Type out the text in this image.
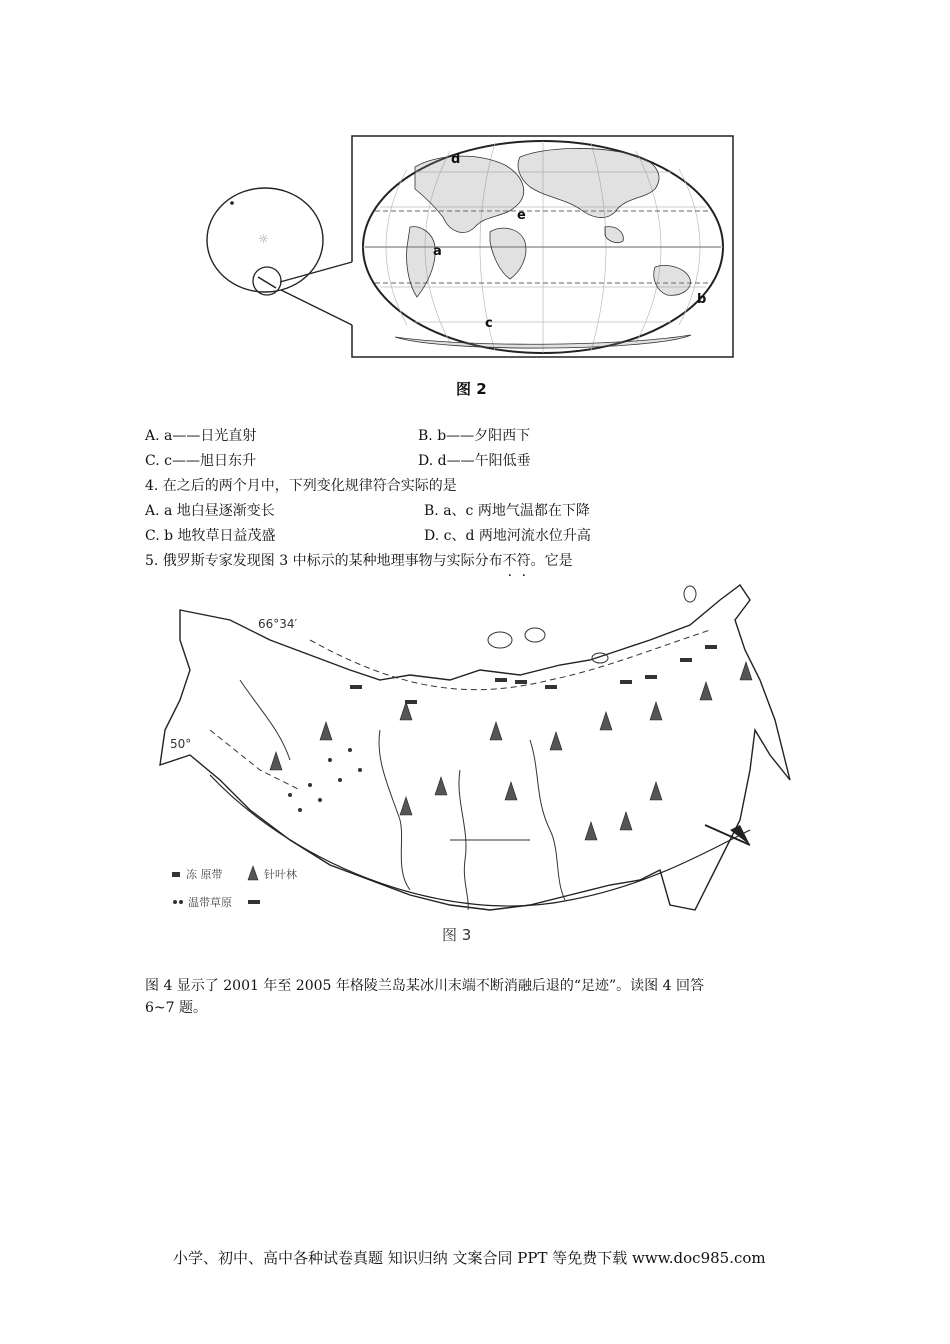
☼
d
e
a
b
c
图 2
A. a——日光直射	B. b——夕阳西下
C. c——旭日东升	D. d——午阳低垂
4. 在之后的两个月中，下列变化规律符合实际的是
A. a 地白昼逐渐变长	B. a、c 两地气温都在下降
C. b 地牧草日益茂盛	D. c、d 两地河流水位升高
5. 俄罗斯专家发现图 3 中标示的某种地理事物与实际分布不符。它是
66°34′
50°
冻 原带	针叶林
温带草原
图 3
图 4 显示了 2001 年至 2005 年格陵兰岛某冰川末端不断消融后退的“足迹”。读图 4 回答
6~7 题。
小学、初中、高中各种试卷真题 知识归纳 文案合同 PPT 等免费下载 www.doc985.com
